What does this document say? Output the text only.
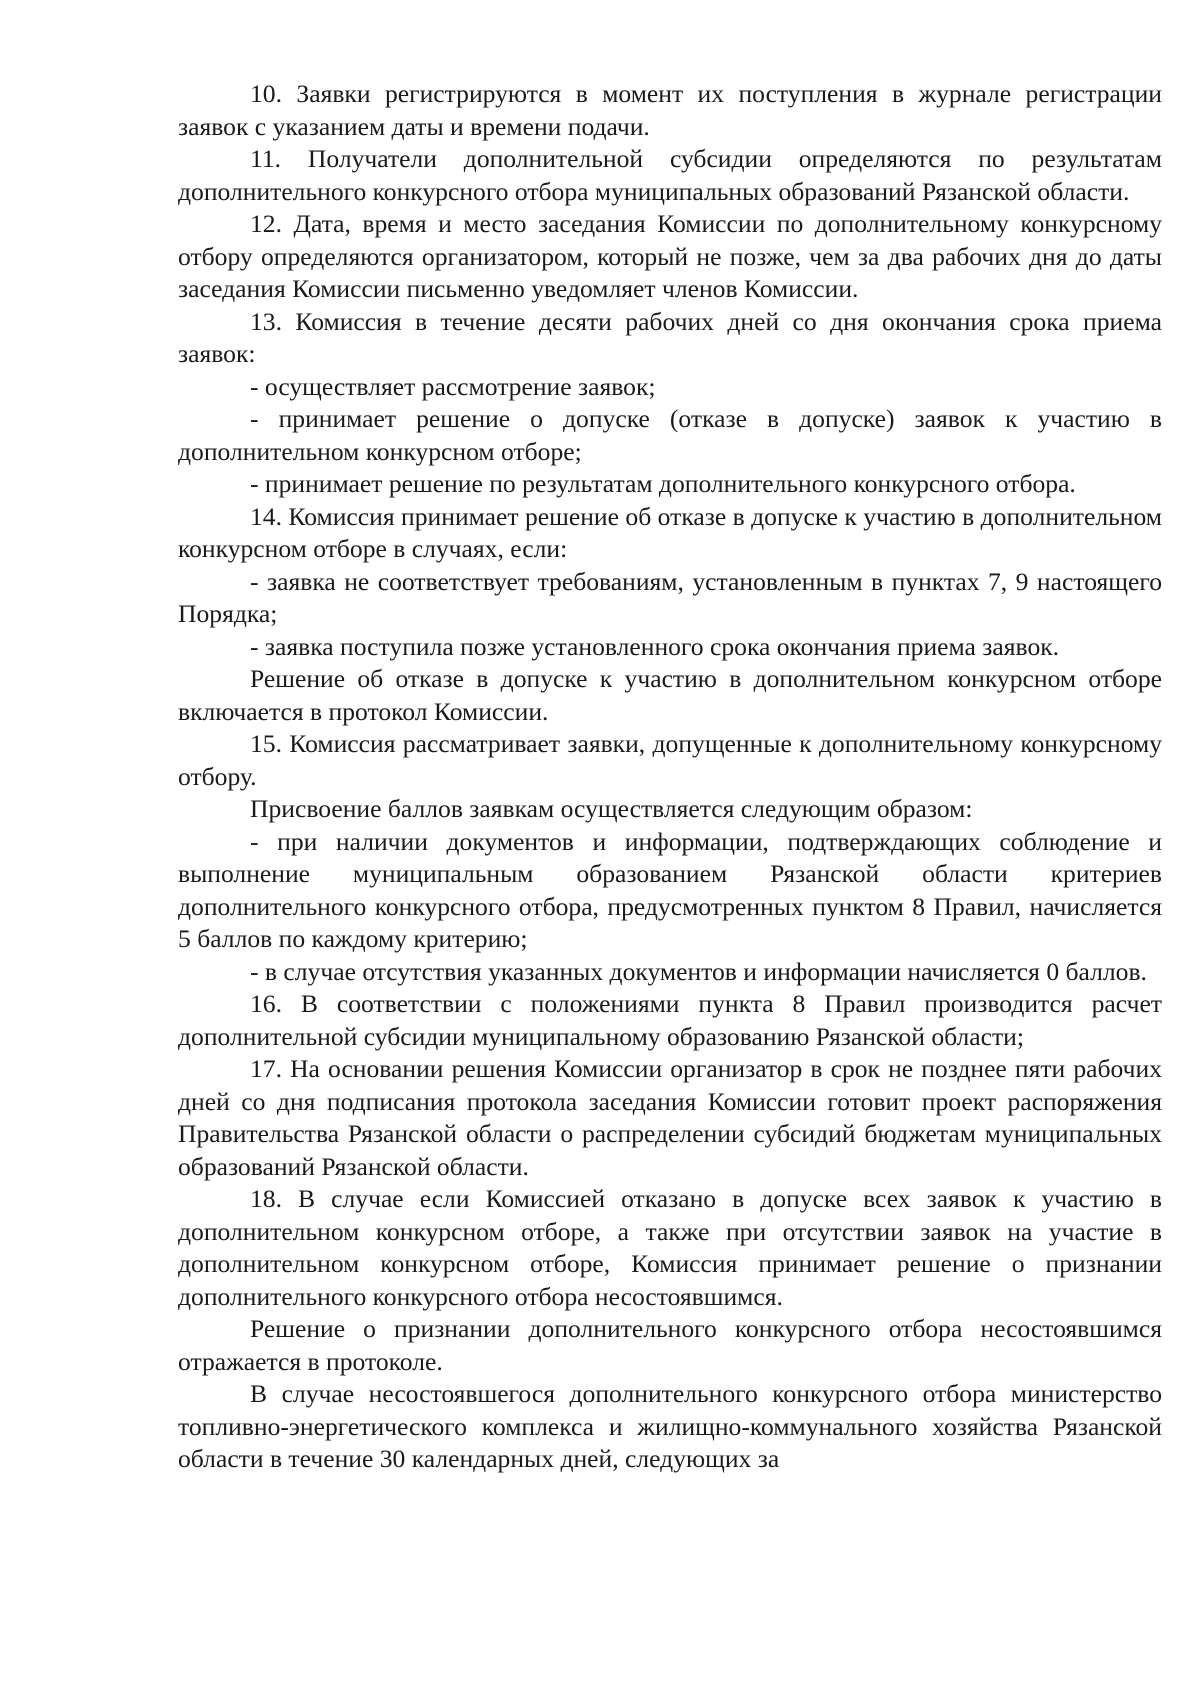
10. Заявки регистрируются в момент их поступления в журнале регистрации заявок с указанием даты и времени подачи.

11. Получатели дополнительной субсидии определяются по результатам дополнительного конкурсного отбора муниципальных образований Рязанской области.

12. Дата, время и место заседания Комиссии по дополнительному конкурсному отбору определяются организатором, который не позже, чем за два рабочих дня до даты заседания Комиссии письменно уведомляет членов Комиссии.

13. Комиссия в течение десяти рабочих дней со дня окончания срока приема заявок:

- осуществляет рассмотрение заявок;

- принимает решение о допуске (отказе в допуске) заявок к участию в дополнительном конкурсном отборе;

- принимает решение по результатам дополнительного конкурсного отбора.

14. Комиссия принимает решение об отказе в допуске к участию в дополнительном конкурсном отборе в случаях, если:

- заявка не соответствует требованиям, установленным в пунктах 7, 9 настоящего Порядка;

- заявка поступила позже установленного срока окончания приема заявок.

Решение об отказе в допуске к участию в дополнительном конкурсном отборе включается в протокол Комиссии.

15. Комиссия рассматривает заявки, допущенные к дополнительному конкурсному отбору.

Присвоение баллов заявкам осуществляется следующим образом:

- при наличии документов и информации, подтверждающих соблюдение и выполнение муниципальным образованием Рязанской области критериев дополнительного конкурсного отбора, предусмотренных пунктом 8 Правил, начисляется 5 баллов по каждому критерию;

- в случае отсутствия указанных документов и информации начисляется 0 баллов.

16. В соответствии с положениями пункта 8 Правил производится расчет дополнительной субсидии муниципальному образованию Рязанской области;

17. На основании решения Комиссии организатор в срок не позднее пяти рабочих дней со дня подписания протокола заседания Комиссии готовит проект распоряжения Правительства Рязанской области о распределении субсидий бюджетам муниципальных образований Рязанской области.

18. В случае если Комиссией отказано в допуске всех заявок к участию в дополнительном конкурсном отборе, а также при отсутствии заявок на участие в дополнительном конкурсном отборе, Комиссия принимает решение о признании дополнительного конкурсного отбора несостоявшимся.

Решение о признании дополнительного конкурсного отбора несостоявшимся отражается в протоколе.

В случае несостоявшегося дополнительного конкурсного отбора министерство топливно-энергетического комплекса и жилищно-коммунального хозяйства Рязанской области в течение 30 календарных дней, следующих за
